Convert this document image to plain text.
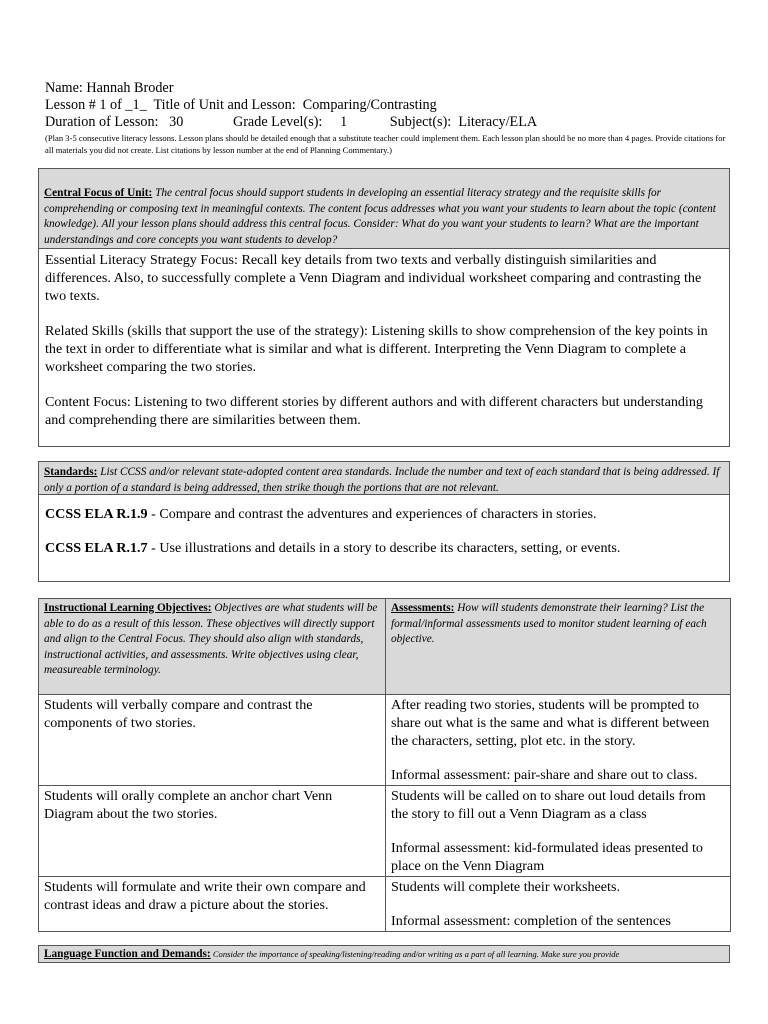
Name: Hannah Broder
Lesson # 1 of _1_  Title of Unit and Lesson:  Comparing/Contrasting
Duration of Lesson:   30              Grade Level(s):     1            Subject(s):  Literacy/ELA
(Plan 3-5 consecutive literacy lessons. Lesson plans should be detailed enough that a substitute teacher could implement them. Each lesson plan should be no more than 4 pages. Provide citations for all materials you did not create. List citations by lesson number at the end of Planning Commentary.)

Central Focus of Unit: The central focus should support students in developing an essential literacy strategy and the requisite skills for comprehending or composing text in meaningful contexts. The content focus addresses what you want your students to learn about the topic (content knowledge). All your lesson plans should address this central focus. Consider: What do you want your students to learn? What are the important understandings and core concepts you want students to develop?

Essential Literacy Strategy Focus: Recall key details from two texts and verbally distinguish similarities and differences. Also, to successfully complete a Venn Diagram and individual worksheet comparing and contrasting the two texts.

Related Skills (skills that support the use of the strategy): Listening skills to show comprehension of the key points in the text in order to differentiate what is similar and what is different. Interpreting the Venn Diagram to complete a worksheet comparing the two stories.

Content Focus: Listening to two different stories by different authors and with different characters but understanding and comprehending there are similarities between them.

Standards: List CCSS and/or relevant state-adopted content area standards. Include the number and text of each standard that is being addressed. If only a portion of a standard is being addressed, then strike though the portions that are not relevant.

CCSS ELA R.1.9 - Compare and contrast the adventures and experiences of characters in stories.

CCSS ELA R.1.7 - Use illustrations and details in a story to describe its characters, setting, or events.

Instructional Learning Objectives: Objectives are what students will be able to do as a result of this lesson. These objectives will directly support and align to the Central Focus. They should also align with standards, instructional activities, and assessments. Write objectives using clear, measureable terminology.	Assessments: How will students demonstrate their learning? List the formal/informal assessments used to monitor student learning of each objective.
Students will verbally compare and contrast the components of two stories.	After reading two stories, students will be prompted to share out what is the same and what is different between the characters, setting, plot etc. in the story.

Informal assessment: pair-share and share out to class.

Students will orally complete an anchor chart Venn Diagram about the two stories.	Students will be called on to share out loud details from the story to fill out a Venn Diagram as a class

Informal assessment: kid-formulated ideas presented to place on the Venn Diagram

Students will formulate and write their own compare and contrast ideas and draw a picture about the stories.	Students will complete their worksheets.

Informal assessment: completion of the sentences

Language Function and Demands: Consider the importance of speaking/listening/reading and/or writing as a part of all learning. Make sure you provide
